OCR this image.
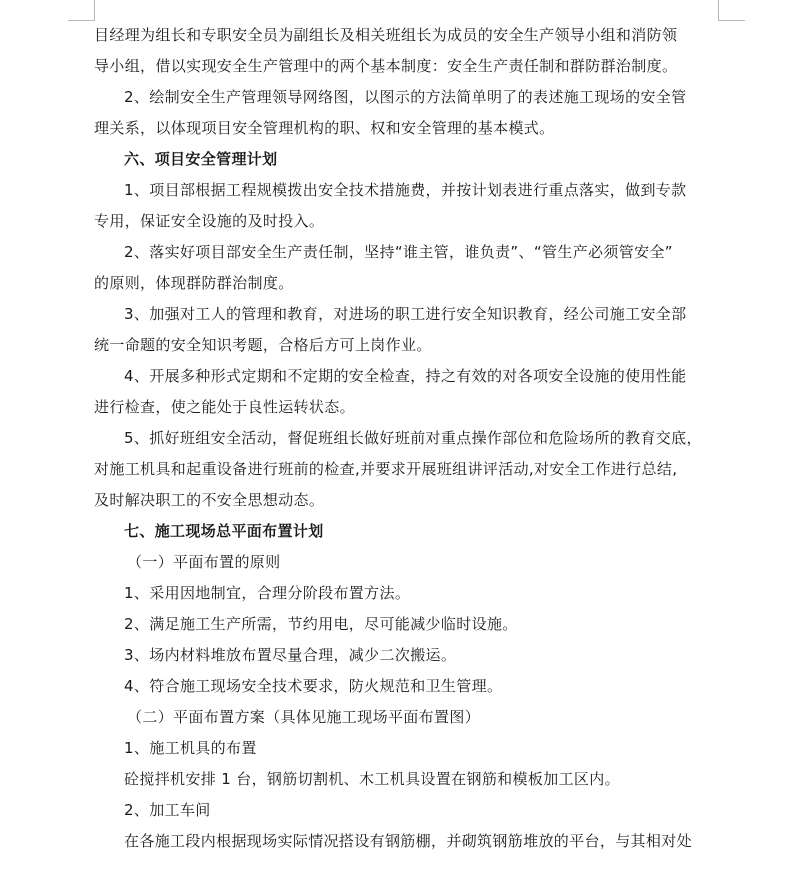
目经理为组长和专职安全员为副组长及相关班组长为成员的安全生产领导小组和消防领

导小组，借以实现安全生产管理中的两个基本制度：安全生产责任制和群防群治制度。

2、绘制安全生产管理领导网络图，以图示的方法简单明了的表述施工现场的安全管

理关系，以体现项目安全管理机构的职、权和安全管理的基本模式。

六、项目安全管理计划

1、项目部根据工程规模拨出安全技术措施费，并按计划表进行重点落实，做到专款

专用，保证安全设施的及时投入。

2、落实好项目部安全生产责任制，坚持“谁主管，谁负责”、“管生产必须管安全”

的原则，体现群防群治制度。

3、加强对工人的管理和教育，对进场的职工进行安全知识教育，经公司施工安全部

统一命题的安全知识考题，合格后方可上岗作业。

4、开展多种形式定期和不定期的安全检查，持之有效的对各项安全设施的使用性能

进行检查，使之能处于良性运转状态。

5、抓好班组安全活动，督促班组长做好班前对重点操作部位和危险场所的教育交底，

对施工机具和起重设备进行班前的检查,并要求开展班组讲评活动,对安全工作进行总结,

及时解决职工的不安全思想动态。

七、施工现场总平面布置计划

（一）平面布置的原则

1、采用因地制宜，合理分阶段布置方法。

2、满足施工生产所需，节约用电，尽可能减少临时设施。

3、场内材料堆放布置尽量合理，减少二次搬运。

4、符合施工现场安全技术要求，防火规范和卫生管理。

（二）平面布置方案（具体见施工现场平面布置图）

1、施工机具的布置

砼搅拌机安排 1 台，钢筋切割机、木工机具设置在钢筋和模板加工区内。

2、加工车间

在各施工段内根据现场实际情况搭设有钢筋棚，并砌筑钢筋堆放的平台，与其相对处
